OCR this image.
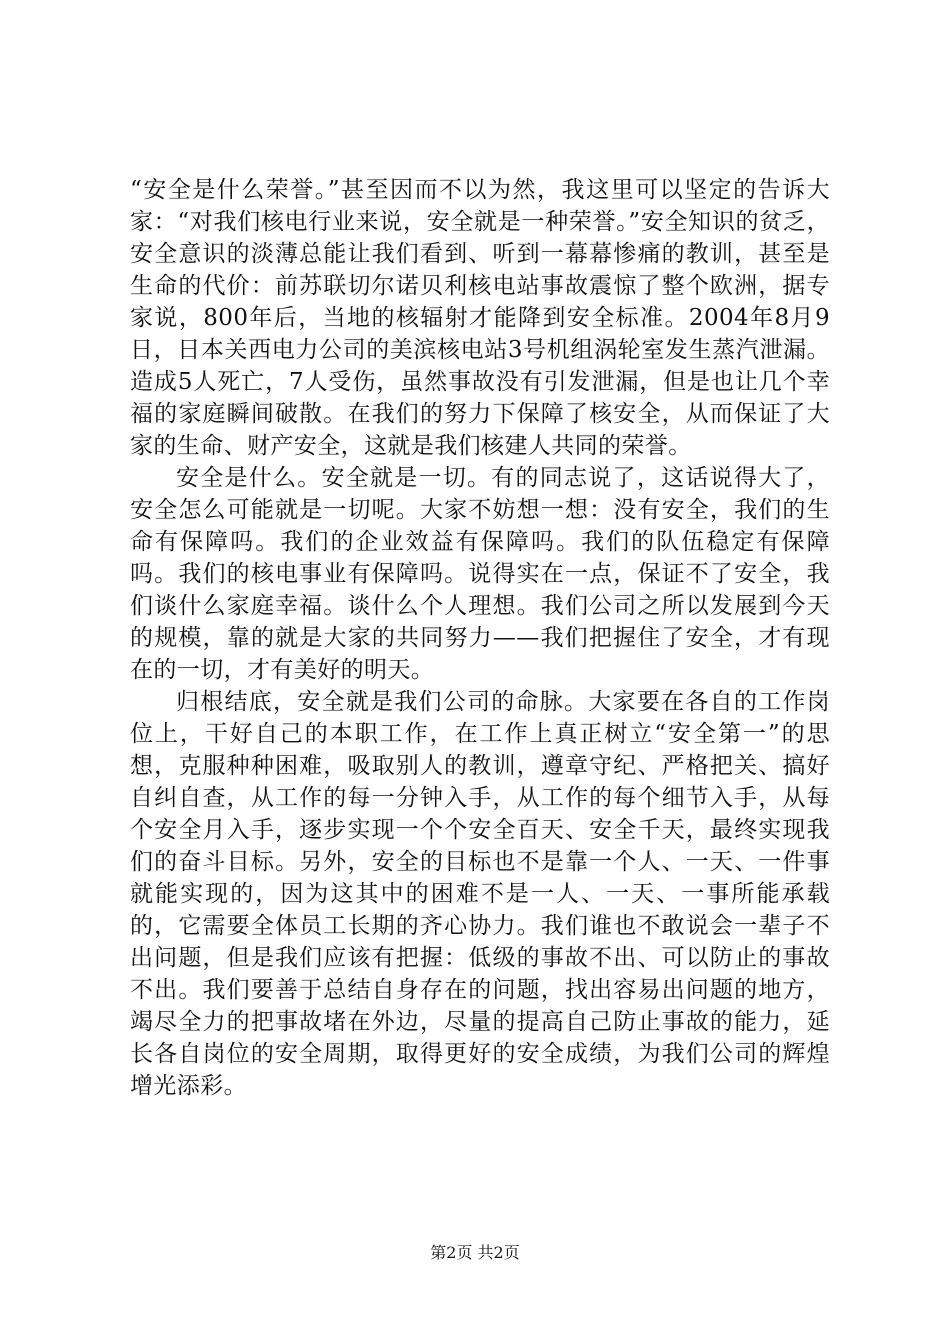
“安全是什么荣誉。”甚至因而不以为然，我这里可以坚定的告诉大家：“对我们核电行业来说，安全就是一种荣誉。”安全知识的贫乏，安全意识的淡薄总能让我们看到、听到一幕幕惨痛的教训，甚至是生命的代价：前苏联切尔诺贝利核电站事故震惊了整个欧洲，据专家说，800年后，当地的核辐射才能降到安全标准。2004年8月9日，日本关西电力公司的美滨核电站3号机组涡轮室发生蒸汽泄漏。造成5人死亡，7人受伤，虽然事故没有引发泄漏，但是也让几个幸福的家庭瞬间破散。在我们的努力下保障了核安全，从而保证了大家的生命、财产安全，这就是我们核建人共同的荣誉。

安全是什么。安全就是一切。有的同志说了，这话说得大了，安全怎么可能就是一切呢。大家不妨想一想：没有安全，我们的生命有保障吗。我们的企业效益有保障吗。我们的队伍稳定有保障吗。我们的核电事业有保障吗。说得实在一点，保证不了安全，我们谈什么家庭幸福。谈什么个人理想。我们公司之所以发展到今天的规模，靠的就是大家的共同努力——我们把握住了安全，才有现在的一切，才有美好的明天。

归根结底，安全就是我们公司的命脉。大家要在各自的工作岗位上，干好自己的本职工作，在工作上真正树立“安全第一”的思想，克服种种困难，吸取别人的教训，遵章守纪、严格把关、搞好自纠自查，从工作的每一分钟入手，从工作的每个细节入手，从每个安全月入手，逐步实现一个个安全百天、安全千天，最终实现我们的奋斗目标。另外，安全的目标也不是靠一个人、一天、一件事就能实现的，因为这其中的困难不是一人、一天、一事所能承载的，它需要全体员工长期的齐心协力。我们谁也不敢说会一辈子不出问题，但是我们应该有把握：低级的事故不出、可以防止的事故不出。我们要善于总结自身存在的问题，找出容易出问题的地方，竭尽全力的把事故堵在外边，尽量的提高自己防止事故的能力，延长各自岗位的安全周期，取得更好的安全成绩，为我们公司的辉煌增光添彩。

第2页 共2页
